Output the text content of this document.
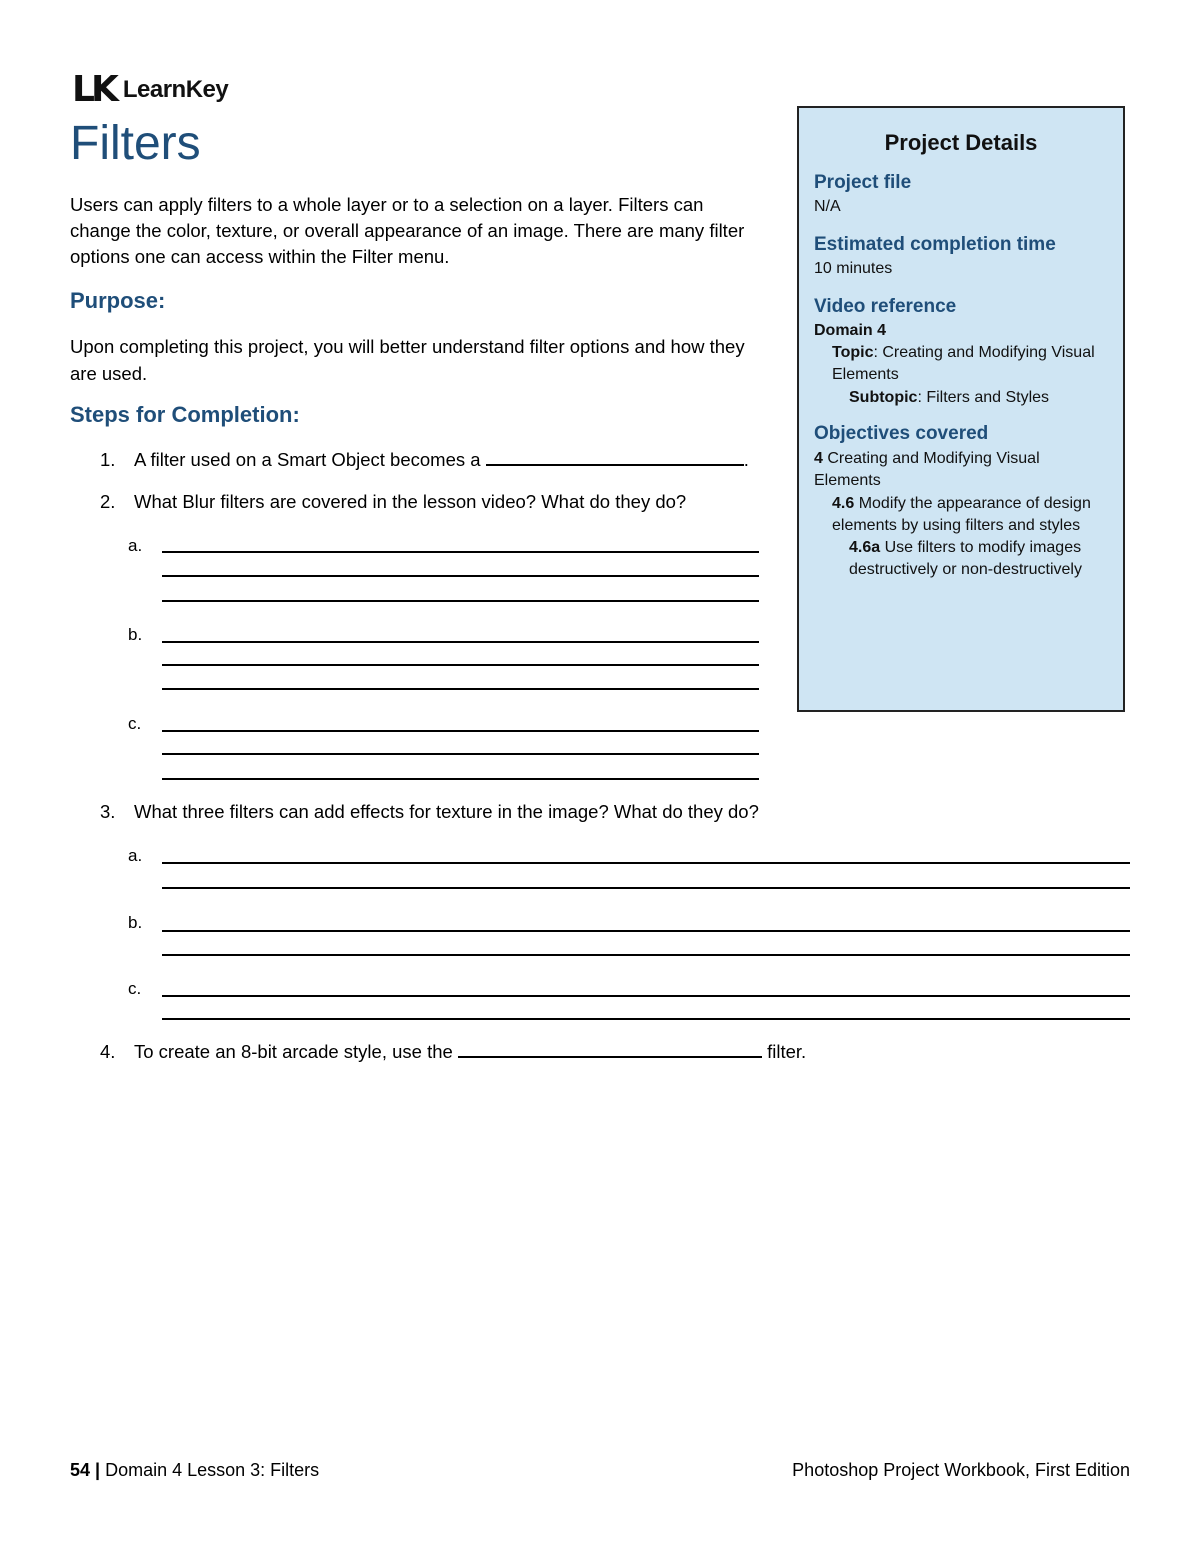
LK LearnKey
Filters
Users can apply filters to a whole layer or to a selection on a layer. Filters can change the color, texture, or overall appearance of an image. There are many filter options one can access within the Filter menu.
Purpose:
Upon completing this project, you will better understand filter options and how they are used.
Steps for Completion:
1. A filter used on a Smart Object becomes a	.
2. What Blur filters are covered in the lesson video? What do they do?
a.
b.
c.
3. What three filters can add effects for texture in the image? What do they do?
a.
b.
c.
4. To create an 8-bit arcade style, use the	filter.
Project Details
Project file
N/A
Estimated completion time
10 minutes
Video reference
Domain 4
Topic: Creating and Modifying Visual Elements
Subtopic: Filters and Styles
Objectives covered
4 Creating and Modifying Visual Elements
4.6 Modify the appearance of design elements by using filters and styles
4.6a Use filters to modify images destructively or non-destructively
54 | Domain 4 Lesson 3: Filters	Photoshop Project Workbook, First Edition
